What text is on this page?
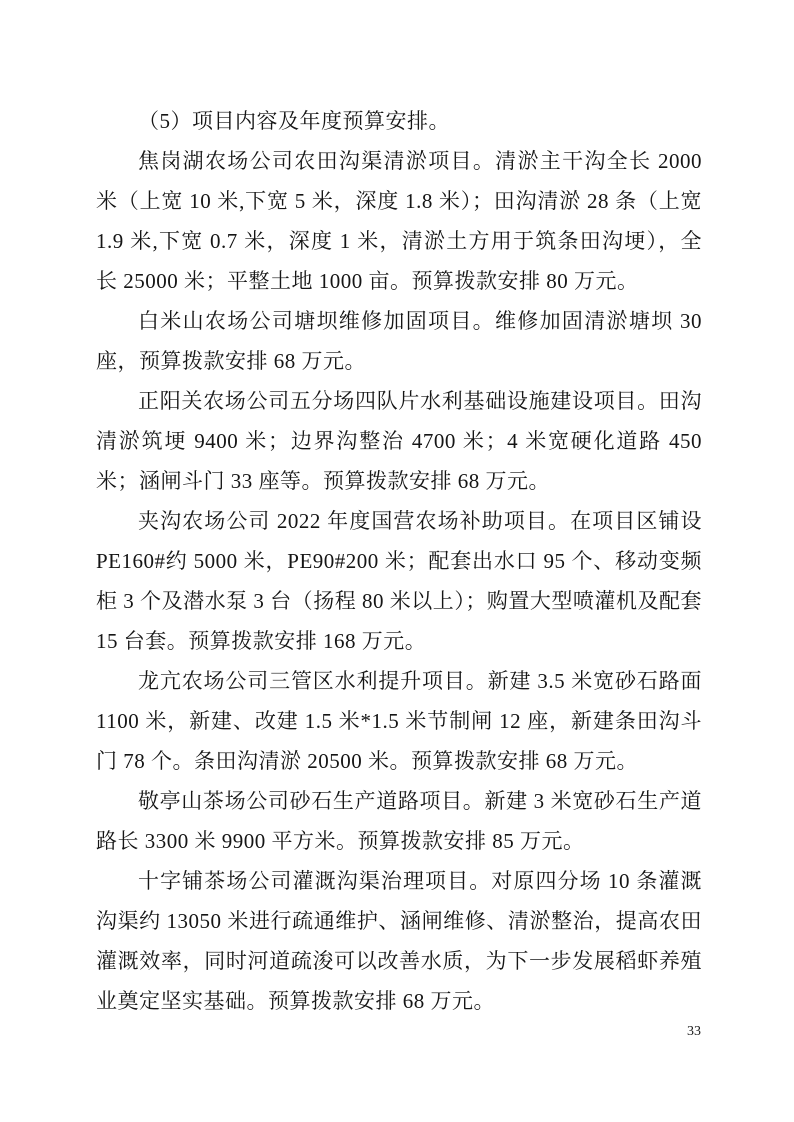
（5）项目内容及年度预算安排。

焦岗湖农场公司农田沟渠清淤项目。清淤主干沟全长 2000 米（上宽 10 米,下宽 5 米，深度 1.8 米）；田沟清淤 28 条（上宽 1.9 米,下宽 0.7 米，深度 1 米，清淤土方用于筑条田沟埂），全长 25000 米；平整土地 1000 亩。预算拨款安排 80 万元。

白米山农场公司塘坝维修加固项目。维修加固清淤塘坝 30 座，预算拨款安排 68 万元。

正阳关农场公司五分场四队片水利基础设施建设项目。田沟清淤筑埂 9400 米；边界沟整治 4700 米；4 米宽硬化道路 450 米；涵闸斗门 33 座等。预算拨款安排 68 万元。

夹沟农场公司 2022 年度国营农场补助项目。在项目区铺设 PE160#约 5000 米，PE90#200 米；配套出水口 95 个、移动变频柜 3 个及潜水泵 3 台（扬程 80 米以上）；购置大型喷灌机及配套 15 台套。预算拨款安排 168 万元。

龙亢农场公司三管区水利提升项目。新建 3.5 米宽砂石路面 1100 米，新建、改建 1.5 米*1.5 米节制闸 12 座，新建条田沟斗门 78 个。条田沟清淤 20500 米。预算拨款安排 68 万元。

敬亭山茶场公司砂石生产道路项目。新建 3 米宽砂石生产道路长 3300 米 9900 平方米。预算拨款安排 85 万元。

十字铺茶场公司灌溉沟渠治理项目。对原四分场 10 条灌溉沟渠约 13050 米进行疏通维护、涵闸维修、清淤整治，提高农田灌溉效率，同时河道疏浚可以改善水质，为下一步发展稻虾养殖业奠定坚实基础。预算拨款安排 68 万元。

33
